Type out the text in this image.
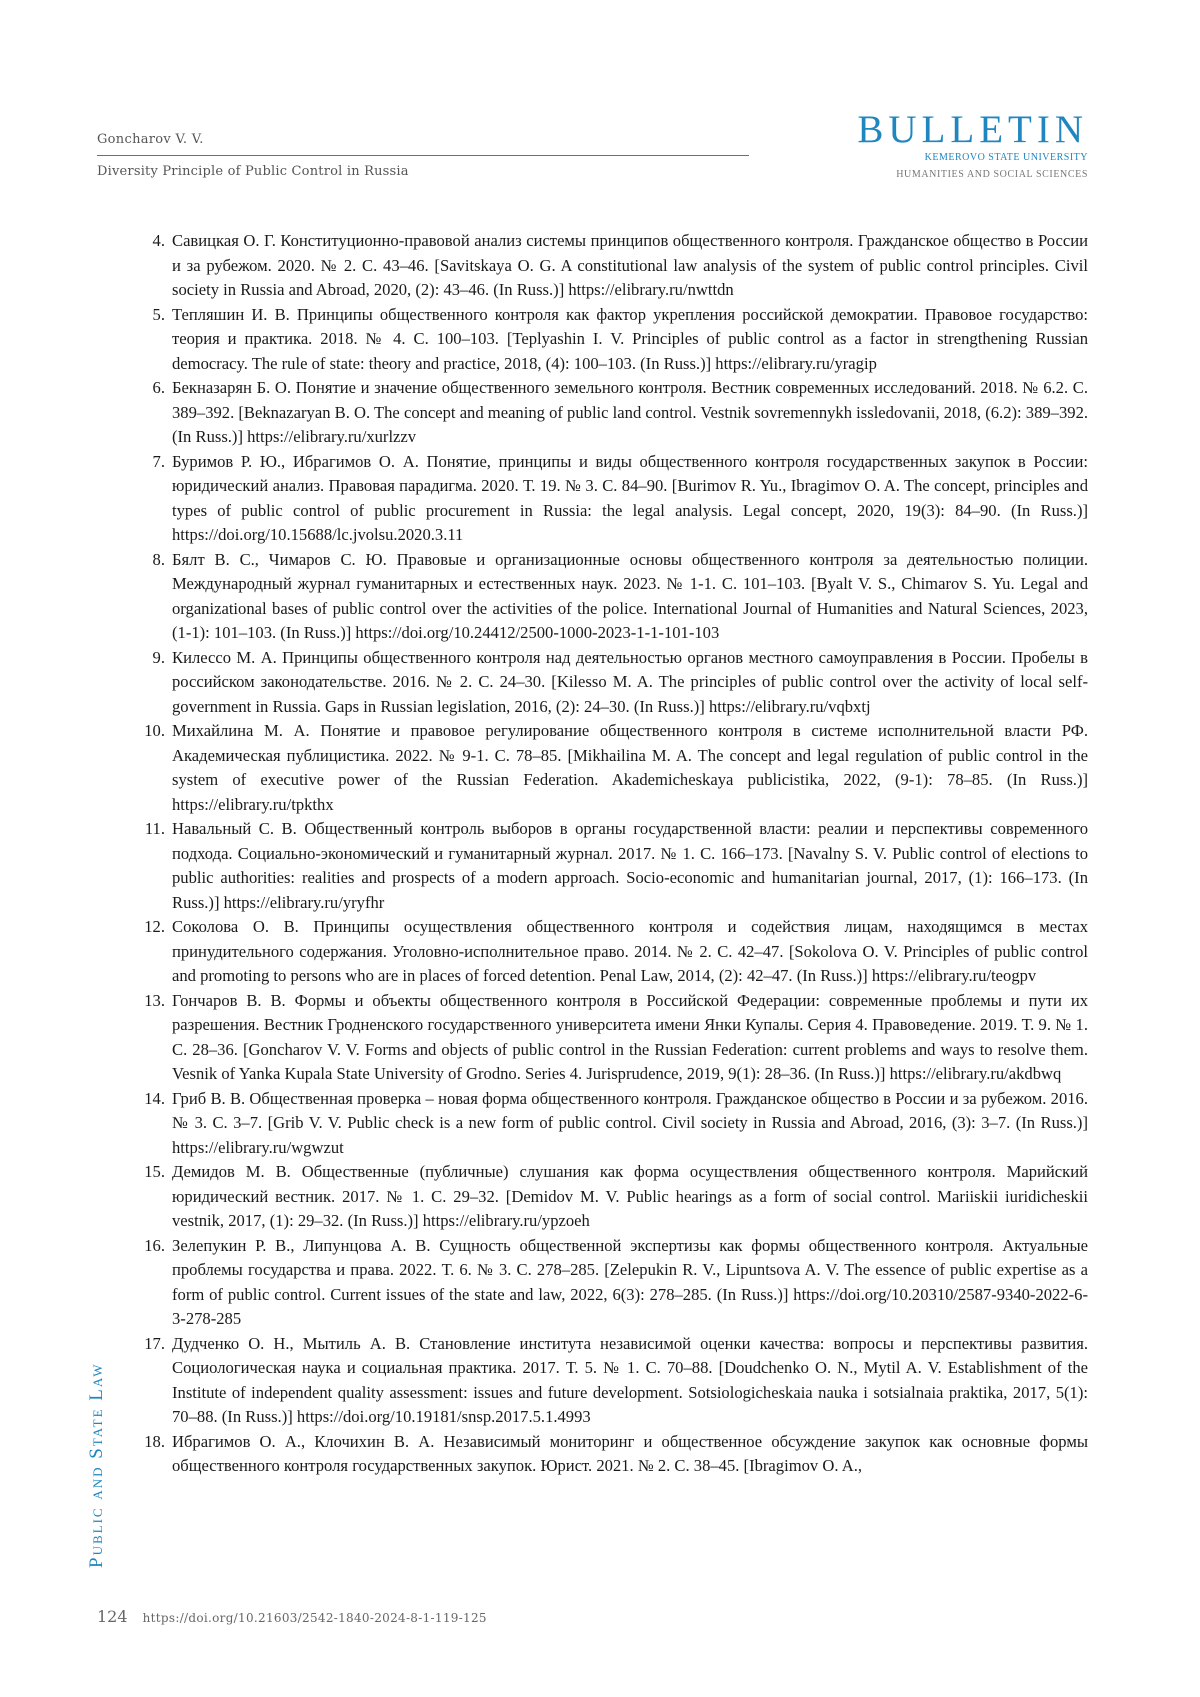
Goncharov V. V.
Diversity Principle of Public Control in Russia
BULLETIN
KEMEROVO STATE UNIVERSITY
HUMANITIES AND SOCIAL SCIENCES
4. Савицкая О. Г. Конституционно-правовой анализ системы принципов общественного контроля. Гражданское общество в России и за рубежом. 2020. № 2. С. 43–46. [Savitskaya O. G. A constitutional law analysis of the system of public control principles. Civil society in Russia and Abroad, 2020, (2): 43–46. (In Russ.)] https://elibrary.ru/nwttdn
5. Тепляшин И. В. Принципы общественного контроля как фактор укрепления российской демократии. Правовое государство: теория и практика. 2018. № 4. С. 100–103. [Teplyashin I. V. Principles of public control as a factor in strengthening Russian democracy. The rule of state: theory and practice, 2018, (4): 100–103. (In Russ.)] https://elibrary.ru/yragip
6. Бекназарян Б. О. Понятие и значение общественного земельного контроля. Вестник современных исследований. 2018. № 6.2. С. 389–392. [Beknazaryan B. O. The concept and meaning of public land control. Vestnik sovremennykh issledovanii, 2018, (6.2): 389–392. (In Russ.)] https://elibrary.ru/xurlzzv
7. Буримов Р. Ю., Ибрагимов О. А. Понятие, принципы и виды общественного контроля государственных закупок в России: юридический анализ. Правовая парадигма. 2020. Т. 19. № 3. С. 84–90. [Burimov R. Yu., Ibragimov O. A. The concept, principles and types of public control of public procurement in Russia: the legal analysis. Legal concept, 2020, 19(3): 84–90. (In Russ.)] https://doi.org/10.15688/lc.jvolsu.2020.3.11
8. Бялт В. С., Чимаров С. Ю. Правовые и организационные основы общественного контроля за деятельностью полиции. Международный журнал гуманитарных и естественных наук. 2023. № 1-1. С. 101–103. [Byalt V. S., Chimarov S. Yu. Legal and organizational bases of public control over the activities of the police. International Journal of Humanities and Natural Sciences, 2023, (1-1): 101–103. (In Russ.)] https://doi.org/10.24412/2500-1000-2023-1-1-101-103
9. Килессо М. А. Принципы общественного контроля над деятельностью органов местного самоуправления в России. Пробелы в российском законодательстве. 2016. № 2. С. 24–30. [Kilesso M. A. The principles of public control over the activity of local self-government in Russia. Gaps in Russian legislation, 2016, (2): 24–30. (In Russ.)] https://elibrary.ru/vqbxtj
10. Михайлина М. А. Понятие и правовое регулирование общественного контроля в системе исполнительной власти РФ. Академическая публицистика. 2022. № 9-1. С. 78–85. [Mikhailina M. A. The concept and legal regulation of public control in the system of executive power of the Russian Federation. Akademicheskaya publicistika, 2022, (9-1): 78–85. (In Russ.)] https://elibrary.ru/tpkthx
11. Навальный С. В. Общественный контроль выборов в органы государственной власти: реалии и перспективы современного подхода. Социально-экономический и гуманитарный журнал. 2017. № 1. С. 166–173. [Navalny S. V. Public control of elections to public authorities: realities and prospects of a modern approach. Socio-economic and humanitarian journal, 2017, (1): 166–173. (In Russ.)] https://elibrary.ru/yryfhr
12. Соколова О. В. Принципы осуществления общественного контроля и содействия лицам, находящимся в местах принудительного содержания. Уголовно-исполнительное право. 2014. № 2. С. 42–47. [Sokolova O. V. Principles of public control and promoting to persons who are in places of forced detention. Penal Law, 2014, (2): 42–47. (In Russ.)] https://elibrary.ru/teogpv
13. Гончаров В. В. Формы и объекты общественного контроля в Российской Федерации: современные проблемы и пути их разрешения. Вестник Гродненского государственного университета имени Янки Купалы. Серия 4. Правоведение. 2019. Т. 9. № 1. С. 28–36. [Goncharov V. V. Forms and objects of public control in the Russian Federation: current problems and ways to resolve them. Vesnik of Yanka Kupala State University of Grodno. Series 4. Jurisprudence, 2019, 9(1): 28–36. (In Russ.)] https://elibrary.ru/akdbwq
14. Гриб В. В. Общественная проверка – новая форма общественного контроля. Гражданское общество в России и за рубежом. 2016. № 3. С. 3–7. [Grib V. V. Public check is a new form of public control. Civil society in Russia and Abroad, 2016, (3): 3–7. (In Russ.)] https://elibrary.ru/wgwzut
15. Демидов М. В. Общественные (публичные) слушания как форма осуществления общественного контроля. Марийский юридический вестник. 2017. № 1. С. 29–32. [Demidov M. V. Public hearings as a form of social control. Mariiskii iuridicheskii vestnik, 2017, (1): 29–32. (In Russ.)] https://elibrary.ru/ypzoeh
16. Зелепукин Р. В., Липунцова А. В. Сущность общественной экспертизы как формы общественного контроля. Актуальные проблемы государства и права. 2022. Т. 6. № 3. С. 278–285. [Zelepukin R. V., Lipuntsova A. V. The essence of public expertise as a form of public control. Current issues of the state and law, 2022, 6(3): 278–285. (In Russ.)] https://doi.org/10.20310/2587-9340-2022-6-3-278-285
17. Дудченко О. Н., Мытиль А. В. Становление института независимой оценки качества: вопросы и перспективы развития. Социологическая наука и социальная практика. 2017. Т. 5. № 1. С. 70–88. [Doudchenko O. N., Mytil A. V. Establishment of the Institute of independent quality assessment: issues and future development. Sotsiologicheskaia nauka i sotsialnaia praktika, 2017, 5(1): 70–88. (In Russ.)] https://doi.org/10.19181/snsp.2017.5.1.4993
18. Ибрагимов О. А., Клочихин В. А. Независимый мониторинг и общественное обсуждение закупок как основные формы общественного контроля государственных закупок. Юрист. 2021. № 2. С. 38–45. [Ibragimov O. A.,
Public and State Law
124 https://doi.org/10.21603/2542-1840-2024-8-1-119-125
